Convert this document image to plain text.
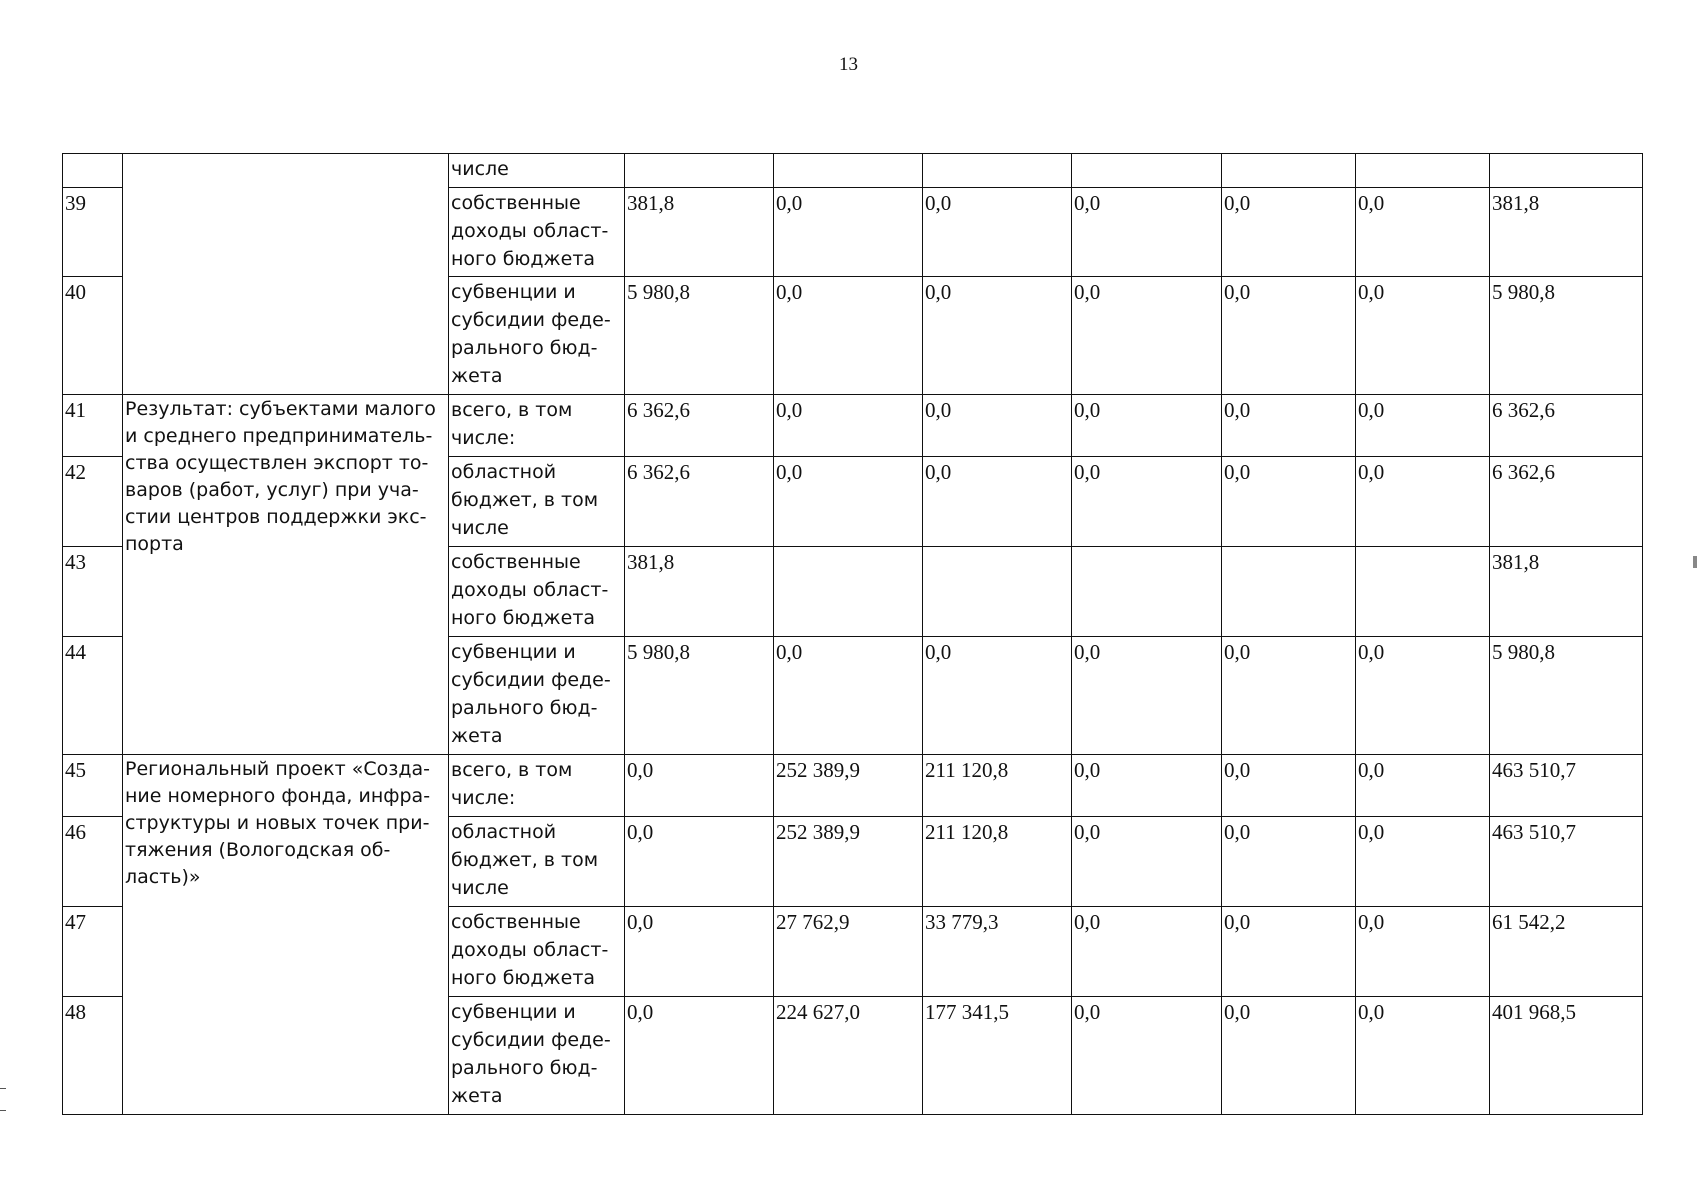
13
		числе							
39		собственные доходы област-ного бюджета	381,8	0,0	0,0	0,0	0,0	0,0	381,8
40		субвенции и субсидии феде-рального бюд-жета	5 980,8	0,0	0,0	0,0	0,0	0,0	5 980,8
41	Результат: субъектами малого и среднего предприниматель-ства осуществлен экспорт то-варов (работ, услуг) при уча-стии центров поддержки экс-порта	всего, в том числе:	6 362,6	0,0	0,0	0,0	0,0	0,0	6 362,6
42		областной бюджет, в том числе	6 362,6	0,0	0,0	0,0	0,0	0,0	6 362,6
43		собственные доходы област-ного бюджета	381,8						381,8
44		субвенции и субсидии феде-рального бюд-жета	5 980,8	0,0	0,0	0,0	0,0	0,0	5 980,8
45	Региональный проект «Созда-ние номерного фонда, инфра-структуры и новых точек при-тяжения (Вологодская об-ласть)»	всего, в том числе:	0,0	252 389,9	211 120,8	0,0	0,0	0,0	463 510,7
46		областной бюджет, в том числе	0,0	252 389,9	211 120,8	0,0	0,0	0,0	463 510,7
47		собственные доходы област-ного бюджета	0,0	27 762,9	33 779,3	0,0	0,0	0,0	61 542,2
48		субвенции и субсидии феде-рального бюд-жета	0,0	224 627,0	177 341,5	0,0	0,0	0,0	401 968,5
